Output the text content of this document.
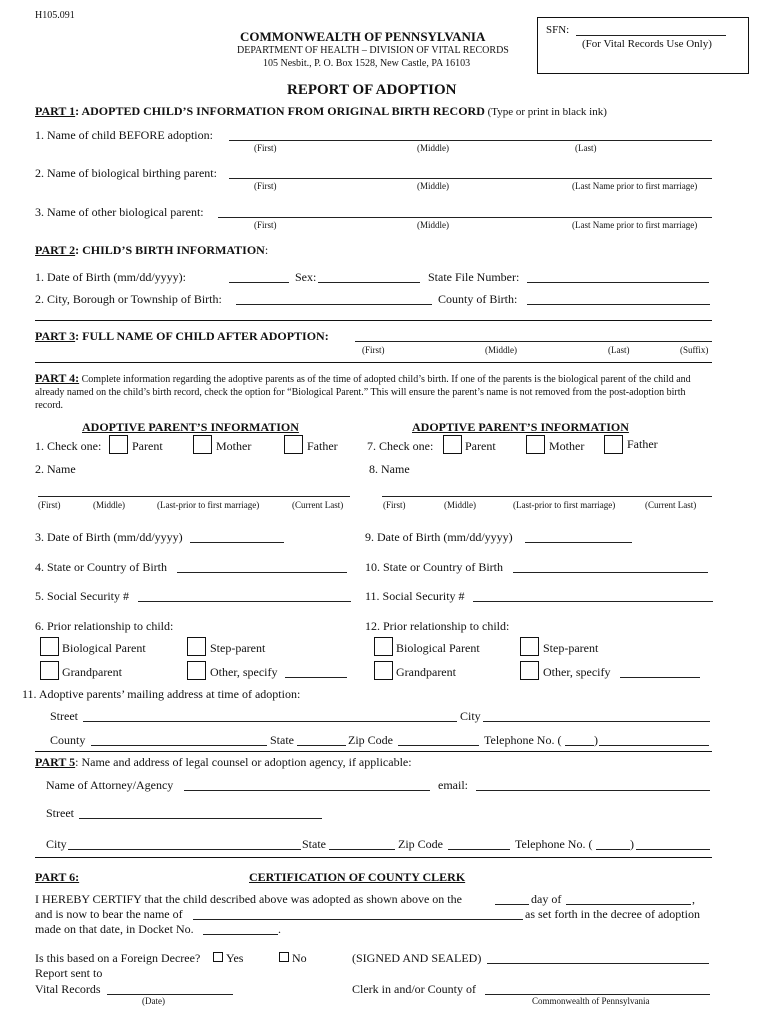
H105.091
COMMONWEALTH OF PENNSYLVANIA
DEPARTMENT OF HEALTH – DIVISION OF VITAL RECORDS
105 Nesbit., P. O. Box 1528, New Castle, PA 16103
SFN:
(For Vital Records Use Only)
REPORT OF ADOPTION
PART 1: ADOPTED CHILD’S INFORMATION FROM ORIGINAL BIRTH RECORD (Type or print in black ink)
1. Name of child BEFORE adoption:
(First)	(Middle)	(Last)
2. Name of biological birthing parent:
(First)	(Middle)	(Last Name prior to first marriage)
3. Name of other biological parent:
(First)	(Middle)	(Last Name prior to first marriage)
PART 2: CHILD’S BIRTH INFORMATION:
1. Date of Birth (mm/dd/yyyy):	Sex:	State File Number:
2. City, Borough or Township of Birth:	County of Birth:
PART 3: FULL NAME OF CHILD AFTER ADOPTION:
(First)	(Middle)	(Last)	(Suffix)
PART 4: Complete information regarding the adoptive parents as of the time of adopted child’s birth. If one of the parents is the biological parent of the child and already named on the child’s birth record, check the option for “Biological Parent.” This will ensure the parent’s name is not removed from the post-adoption birth record.
ADOPTIVE PARENT’S INFORMATION	ADOPTIVE PARENT’S INFORMATION
1. Check one:	Parent	Mother	Father 7. Check one:	Parent	Mother	Father
2. Name	8. Name
(First)	(Middle)	(Last-prior to first marriage)	(Current Last)	(First)	(Middle)	(Last-prior to first marriage)	(Current Last)
3. Date of Birth (mm/dd/yyyy)	9. Date of Birth (mm/dd/yyyy)
4. State or Country of Birth	10. State or Country of Birth
5. Social Security #	11. Social Security #
6. Prior relationship to child:	12. Prior relationship to child:
Biological Parent	Step-parent
Grandparent	Other, specify
Biological Parent	Step-parent
Grandparent	Other, specify
11. Adoptive parents’ mailing address at time of adoption:
Street	City
County	State	Zip Code	Telephone No. (	)
PART 5: Name and address of legal counsel or adoption agency, if applicable:
Name of Attorney/Agency	email:
Street
City	State	Zip Code	Telephone No. (	)
PART 6:	CERTIFICATION OF COUNTY CLERK
I HEREBY CERTIFY that the child described above was adopted as shown above on the	day of	,
and is now to bear the name of	as set forth in the decree of adoption
made on that date, in Docket No.	.
Is this based on a Foreign Decree?	Yes	No	(SIGNED AND SEALED)
Report sent to
Vital Records
(Date)
Clerk in and/or County of
Commonwealth of Pennsylvania
